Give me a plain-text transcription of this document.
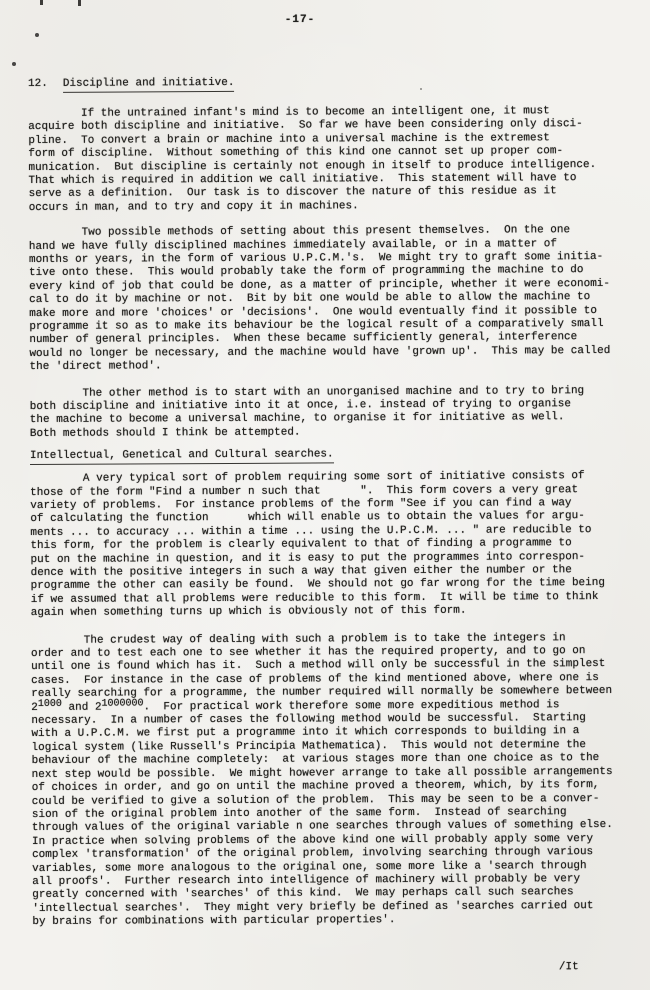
-17-
12. Discipline and initiative.
If the untrained infant's mind is to become an intelligent one, it must
acquire both discipline and initiative.  So far we have been considering only disci-
pline.  To convert a brain or machine into a universal machine is the extremest
form of discipline.  Without something of this kind one cannot set up proper com-
munication.  But discipline is certainly not enough in itself to produce intelligence.
That which is required in addition we call initiative.  This statement will have to
serve as a definition.  Our task is to discover the nature of this residue as it
occurs in man, and to try and copy it in machines.
Two possible methods of setting about this present themselves.  On the one
hand we have fully disciplined machines immediately available, or in a matter of
months or years, in the form of various U.P.C.M.'s.  We might try to graft some initia-
tive onto these.  This would probably take the form of programming the machine to do
every kind of job that could be done, as a matter of principle, whether it were economi-
cal to do it by machine or not.  Bit by bit one would be able to allow the machine to
make more and more 'choices' or 'decisions'.  One would eventually find it possible to
programme it so as to make its behaviour be the logical result of a comparatively small
number of general principles.  When these became sufficiently general, interference
would no longer be necessary, and the machine would have 'grown up'.  This may be called
the 'direct method'.
The other method is to start with an unorganised machine and to try to bring
both discipline and initiative into it at once, i.e. instead of trying to organise
the machine to become a universal machine, to organise it for initiative as well.
Both methods should I think be attempted.
Intellectual, Genetical and Cultural searches.
A very typical sort of problem requiring some sort of initiative consists of
those of the form "Find a number n such that      ".  This form covers a very great
variety of problems.  For instance problems of the form "See if you can find a way
of calculating the function      which will enable us to obtain the values for argu-
ments ... to accuracy ... within a time ... using the U.P.C.M. ... " are reducible to
this form, for the problem is clearly equivalent to that of finding a programme to
put on the machine in question, and it is easy to put the programmes into correspon-
dence with the positive integers in such a way that given either the number or the
programme the other can easily be found.  We should not go far wrong for the time being
if we assumed that all problems were reducible to this form.  It will be time to think
again when something turns up which is obviously not of this form.
The crudest way of dealing with such a problem is to take the integers in
order and to test each one to see whether it has the required property, and to go on
until one is found which has it.  Such a method will only be successful in the simplest
cases.  For instance in the case of problems of the kind mentioned above, where one is
really searching for a programme, the number required will normally be somewhere between
$2^{1000}$ and $2^{1000000}$.  For practical work therefore some more expeditious method is
necessary.  In a number of cases the following method would be successful.  Starting
with a U.P.C.M. we first put a programme into it which corresponds to building in a
logical system (like Russell's Principia Mathematica).  This would not determine the
behaviour of the machine completely:  at various stages more than one choice as to the
next step would be possible.  We might however arrange to take all possible arrangements
of choices in order, and go on until the machine proved a theorem, which, by its form,
could be verified to give a solution of the problem.  This may be seen to be a conver-
sion of the original problem into another of the same form.  Instead of searching
through values of the original variable n one searches through values of something else.
In practice when solving problems of the above kind one will probably apply some very
complex 'transformation' of the original problem, involving searching through various
variables, some more analogous to the original one, some more like a 'search through
all proofs'.  Further research into intelligence of machinery will probably be very
greatly concerned with 'searches' of this kind.  We may perhaps call such searches
'intellectual searches'.  They might very briefly be defined as 'searches carried out
by brains for combinations with particular properties'.
/It
